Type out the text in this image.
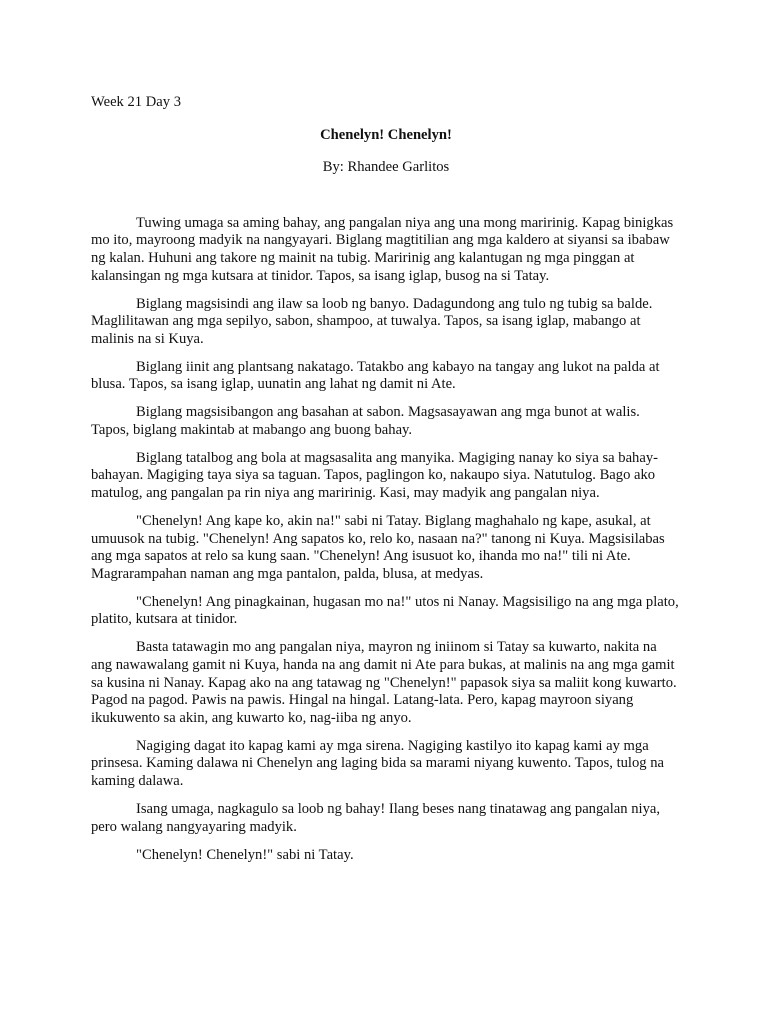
Week 21 Day 3

Chenelyn! Chenelyn!

By: Rhandee Garlitos

Tuwing umaga sa aming bahay, ang pangalan niya ang una mong maririnig. Kapag binigkas mo ito, mayroong madyik na nangyayari. Biglang magtitilian ang mga kaldero at siyansi sa ibabaw ng kalan. Huhuni ang takore ng mainit na tubig. Maririnig ang kalantugan ng mga pinggan at kalansingan ng mga kutsara at tinidor. Tapos, sa isang iglap, busog na si Tatay.

Biglang magsisindi ang ilaw sa loob ng banyo. Dadagundong ang tulo ng tubig sa balde. Maglilitawan ang mga sepilyo, sabon, shampoo, at tuwalya. Tapos, sa isang iglap, mabango at malinis na si Kuya.

Biglang iinit ang plantsang nakatago. Tatakbo ang kabayo na tangay ang lukot na palda at blusa. Tapos, sa isang iglap, uunatin ang lahat ng damit ni Ate.

Biglang magsisibangon ang basahan at sabon. Magsasayawan ang mga bunot at walis. Tapos, biglang makintab at mabango ang buong bahay.

Biglang tatalbog ang bola at magsasalita ang manyika. Magiging nanay ko siya sa bahay-bahayan. Magiging taya siya sa taguan. Tapos, paglingon ko, nakaupo siya. Natutulog. Bago ako matulog, ang pangalan pa rin niya ang maririnig. Kasi, may madyik ang pangalan niya.

"Chenelyn! Ang kape ko, akin na!" sabi ni Tatay. Biglang maghahalo ng kape, asukal, at umuusok na tubig. "Chenelyn! Ang sapatos ko, relo ko, nasaan na?" tanong ni Kuya. Magsisilabas ang mga sapatos at relo sa kung saan. "Chenelyn! Ang isusuot ko, ihanda mo na!" tili ni Ate. Magrarampahan naman ang mga pantalon, palda, blusa, at medyas.

"Chenelyn! Ang pinagkainan, hugasan mo na!" utos ni Nanay. Magsisiligo na ang mga plato, platito, kutsara at tinidor.

Basta tatawagin mo ang pangalan niya, mayron ng iniinom si Tatay sa kuwarto, nakita na ang nawawalang gamit ni Kuya, handa na ang damit ni Ate para bukas, at malinis na ang mga gamit sa kusina ni Nanay. Kapag ako na ang tatawag ng "Chenelyn!" papasok siya sa maliit kong kuwarto. Pagod na pagod. Pawis na pawis. Hingal na hingal. Latang-lata. Pero, kapag mayroon siyang ikukuwento sa akin, ang kuwarto ko, nag-iiba ng anyo.

Nagiging dagat ito kapag kami ay mga sirena. Nagiging kastilyo ito kapag kami ay mga prinsesa. Kaming dalawa ni Chenelyn ang laging bida sa marami niyang kuwento. Tapos, tulog na kaming dalawa.

Isang umaga, nagkagulo sa loob ng bahay! Ilang beses nang tinatawag ang pangalan niya, pero walang nangyayaring madyik.

"Chenelyn! Chenelyn!" sabi ni Tatay.
